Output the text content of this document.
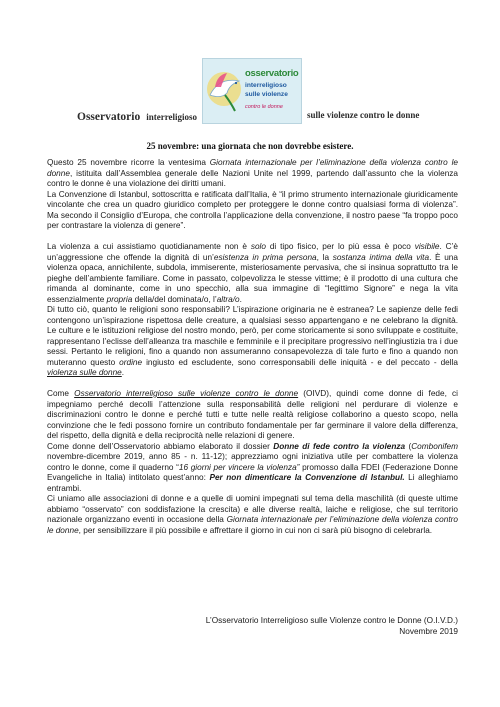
osservatorio
interreligioso
sulle violenze
contro le donne
Osservatorio interreligioso	sulle violenze contro le donne
25 novembre: una giornata che non dovrebbe esistere.

Questo 25 novembre ricorre la ventesima Giornata internazionale per l’eliminazione della violenza contro le donne, istituita dall’Assemblea generale delle Nazioni Unite nel 1999, partendo dall’assunto che la violenza contro le donne è una violazione dei diritti umani.

La Convenzione di Istanbul, sottoscritta e ratificata dall’Italia, è “il primo strumento internazionale giuridicamente vincolante che crea un quadro giuridico completo per proteggere le donne contro qualsiasi forma di violenza”. Ma secondo il Consiglio d’Europa, che controlla l’applicazione della convenzione, il nostro paese “fa troppo poco per contrastare la violenza di genere”.

La violenza a cui assistiamo quotidianamente non è solo di tipo fisico, per lo più essa è poco visibile. C’è un’aggressione che offende la dignità di un’esistenza in prima persona, la sostanza intima della vita. È una violenza opaca, annichilente, subdola, immiserente, misteriosamente pervasiva, che si insinua soprattutto tra le pieghe dell’ambiente familiare. Come in passato, colpevolizza le stesse vittime; è il prodotto di una cultura che rimanda al dominante, come in uno specchio, alla sua immagine di “legittimo Signore” e nega la vita essenzialmente propria della/del dominata/o, l’altra/o.

Di tutto ciò, quanto le religioni sono responsabili? L’ispirazione originaria ne è estranea? Le sapienze delle fedi contengono un’ispirazione rispettosa delle creature, a qualsiasi sesso appartengano e ne celebrano la dignità. Le culture e le istituzioni religiose del nostro mondo, però, per come storicamente si sono sviluppate e costituite, rappresentano l’eclisse dell’alleanza tra maschile e femminile e il precipitare progressivo nell’ingiustizia tra i due sessi. Pertanto le religioni, fino a quando non assumeranno consapevolezza di tale furto e fino a quando non muteranno questo ordine ingiusto ed escludente, sono corresponsabili delle iniquità - e del peccato - della violenza sulle donne.

Come Osservatorio interreligioso sulle violenze contro le donne (OIVD), quindi come donne di fede, ci impegniamo perché decolli l’attenzione sulla responsabilità delle religioni nel perdurare di violenze e discriminazioni contro le donne e perché tutti e tutte nelle realtà religiose collaborino a questo scopo, nella convinzione che le fedi possono fornire un contributo fondamentale per far germinare il valore della differenza, del rispetto, della dignità e della reciprocità nelle relazioni di genere.

Come donne dell’Osservatorio abbiamo elaborato il dossier Donne di fede contro la violenza (Combonifem novembre-dicembre 2019, anno 85 - n. 11-12); apprezziamo ogni iniziativa utile per combattere la violenza contro le donne, come il quaderno “16 giorni per vincere la violenza” promosso dalla FDEI (Federazione Donne Evangeliche in Italia) intitolato quest’anno: Per non dimenticare la Convenzione di Istanbul. Li alleghiamo entrambi.

Ci uniamo alle associazioni di donne e a quelle di uomini impegnati sul tema della maschilità (di queste ultime abbiamo “osservato” con soddisfazione la crescita) e alle diverse realtà, laiche e religiose, che sul territorio nazionale organizzano eventi in occasione della Giornata internazionale per l’eliminazione della violenza contro le donne, per sensibilizzare il più possibile e affrettare il giorno in cui non ci sarà più bisogno di celebrarla.

L’Osservatorio Interreligioso sulle Violenze contro le Donne (O.I.V.D.)
Novembre 2019
